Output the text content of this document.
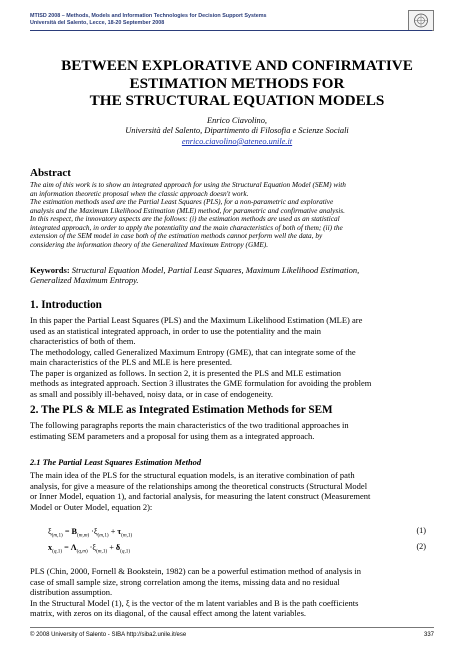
MTISD 2008 – Methods, Models and Information Technologies for Decision Support Systems
Università del Salento, Lecce, 18-20 September 2008
BETWEEN EXPLORATIVE AND CONFIRMATIVE
ESTIMATION METHODS FOR
THE STRUCTURAL EQUATION MODELS
Enrico Ciavolino,
Università del Salento, Dipartimento di Filosofia e Scienze Sociali
enrico.ciavolino@ateneo.unile.it
Abstract
The aim of this work is to show an integrated approach for using the Structural Equation Model (SEM) with
an information theoretic proposal when the classic approach doesn't work.
The estimation methods used are the Partial Least Squares (PLS), for a non-parametric and explorative
analysis and the Maximum Likelihood Estimation (MLE) method, for parametric and confirmative analysis.
In this respect, the innovatory aspects are the follows: (i) the estimation methods are used as an statistical
integrated approach, in order to apply the potentiality and the main characteristics of both of them; (ii) the
extension of the SEM model in case both of the estimation methods cannot perform well the data, by
considering the information theory of the Generalized Maximum Entropy (GME).
Keywords: Structural Equation Model, Partial Least Squares, Maximum Likelihood Estimation,
Generalized Maximum Entropy.
1. Introduction
In this paper the Partial Least Squares (PLS) and the Maximum Likelihood Estimation (MLE) are
used as an statistical integrated approach, in order to use the potentiality and the main
characteristics of both of them.
The methodology, called Generalized Maximum Entropy (GME), that can integrate some of the
main characteristics of the PLS and MLE is here presented.
The paper is organized as follows. In section 2, it is presented the PLS and MLE estimation
methods as integrated approach. Section 3 illustrates the GME formulation for avoiding the problem
as small and possibly ill-behaved, noisy data, or in case of endogeneity.
2. The PLS & MLE as Integrated Estimation Methods for SEM
The following paragraphs reports the main characteristics of the two traditional approaches in
estimating SEM parameters and a proposal for using them as a integrated approach.
2.1 The Partial Least Squares Estimation Method
The main idea of the PLS for the structural equation models, is an iterative combination of path
analysis, for give a measure of the relationships among the theoretical constructs (Structural Model
or Inner Model, equation 1), and factorial analysis, for measuring the latent construct (Measurement
Model or Outer Model, equation 2):
$\xi_{(m,1)} = B_{(m,m)} \cdot\xi_{(m,1)} + \tau_{(m,1)}$
(1)
$x_{(q,1)} = \Lambda_{(q,m)} \cdot\xi_{(m,1)} + \delta_{(q,1)}$
(2)
PLS (Chin, 2000, Fornell & Bookstein, 1982) can be a powerful estimation method of analysis in
case of small sample size, strong correlation among the items, missing data and no residual
distribution assumption.
In the Structural Model (1), ξ is the vector of the m latent variables and B is the path coefficients
matrix, with zeros on its diagonal, of the causal effect among the latent variables.
© 2008 University of Salento - SIBA http://siba2.unile.it/ese	337
